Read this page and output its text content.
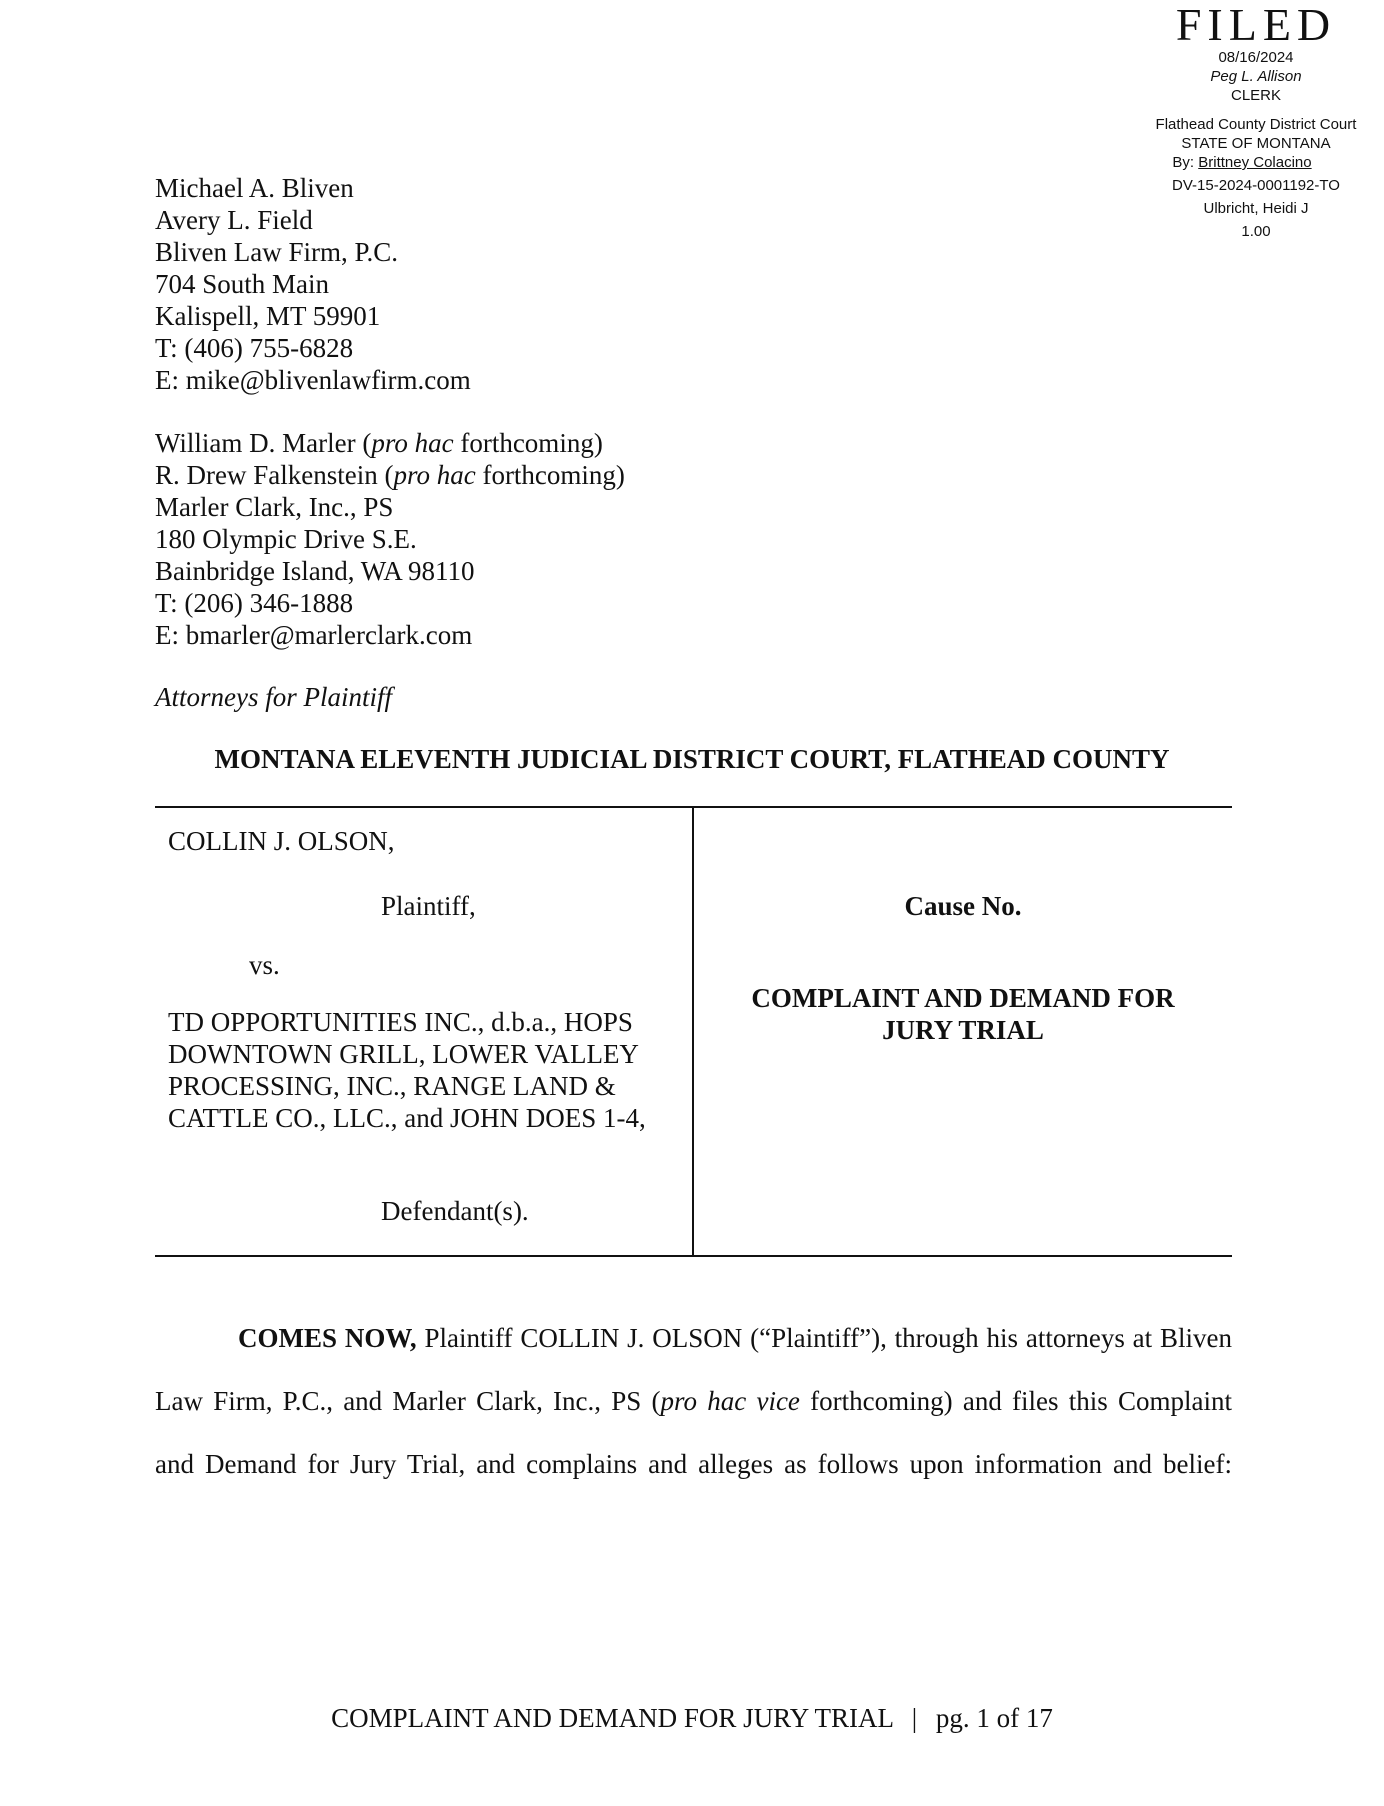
FILED
08/16/2024
Peg L. Allison
CLERK
Flathead County District Court
STATE OF MONTANA
By: Brittney Colacino
DV-15-2024-0001192-TO
Ulbricht, Heidi J
1.00
Michael A. Bliven
Avery L. Field
Bliven Law Firm, P.C.
704 South Main
Kalispell, MT 59901
T: (406) 755-6828
E: mike@blivenlawfirm.com
William D. Marler (pro hac forthcoming)
R. Drew Falkenstein (pro hac forthcoming)
Marler Clark, Inc., PS
180 Olympic Drive S.E.
Bainbridge Island, WA 98110
T: (206) 346-1888
E: bmarler@marlerclark.com
Attorneys for Plaintiff
MONTANA ELEVENTH JUDICIAL DISTRICT COURT, FLATHEAD COUNTY
COLLIN J. OLSON,
Plaintiff,
vs.
TD OPPORTUNITIES INC., d.b.a., HOPS
DOWNTOWN GRILL, LOWER VALLEY
PROCESSING, INC., RANGE LAND &
CATTLE CO., LLC., and JOHN DOES 1-4,
Defendant(s).
Cause No.
COMPLAINT AND DEMAND FOR
JURY TRIAL
COMES NOW, Plaintiff COLLIN J. OLSON (“Plaintiff”), through his attorneys at Bliven
Law Firm, P.C., and Marler Clark, Inc., PS (pro hac vice forthcoming) and files this Complaint
and Demand for Jury Trial, and complains and alleges as follows upon information and belief:
COMPLAINT AND DEMAND FOR JURY TRIAL | pg. 1 of 17
